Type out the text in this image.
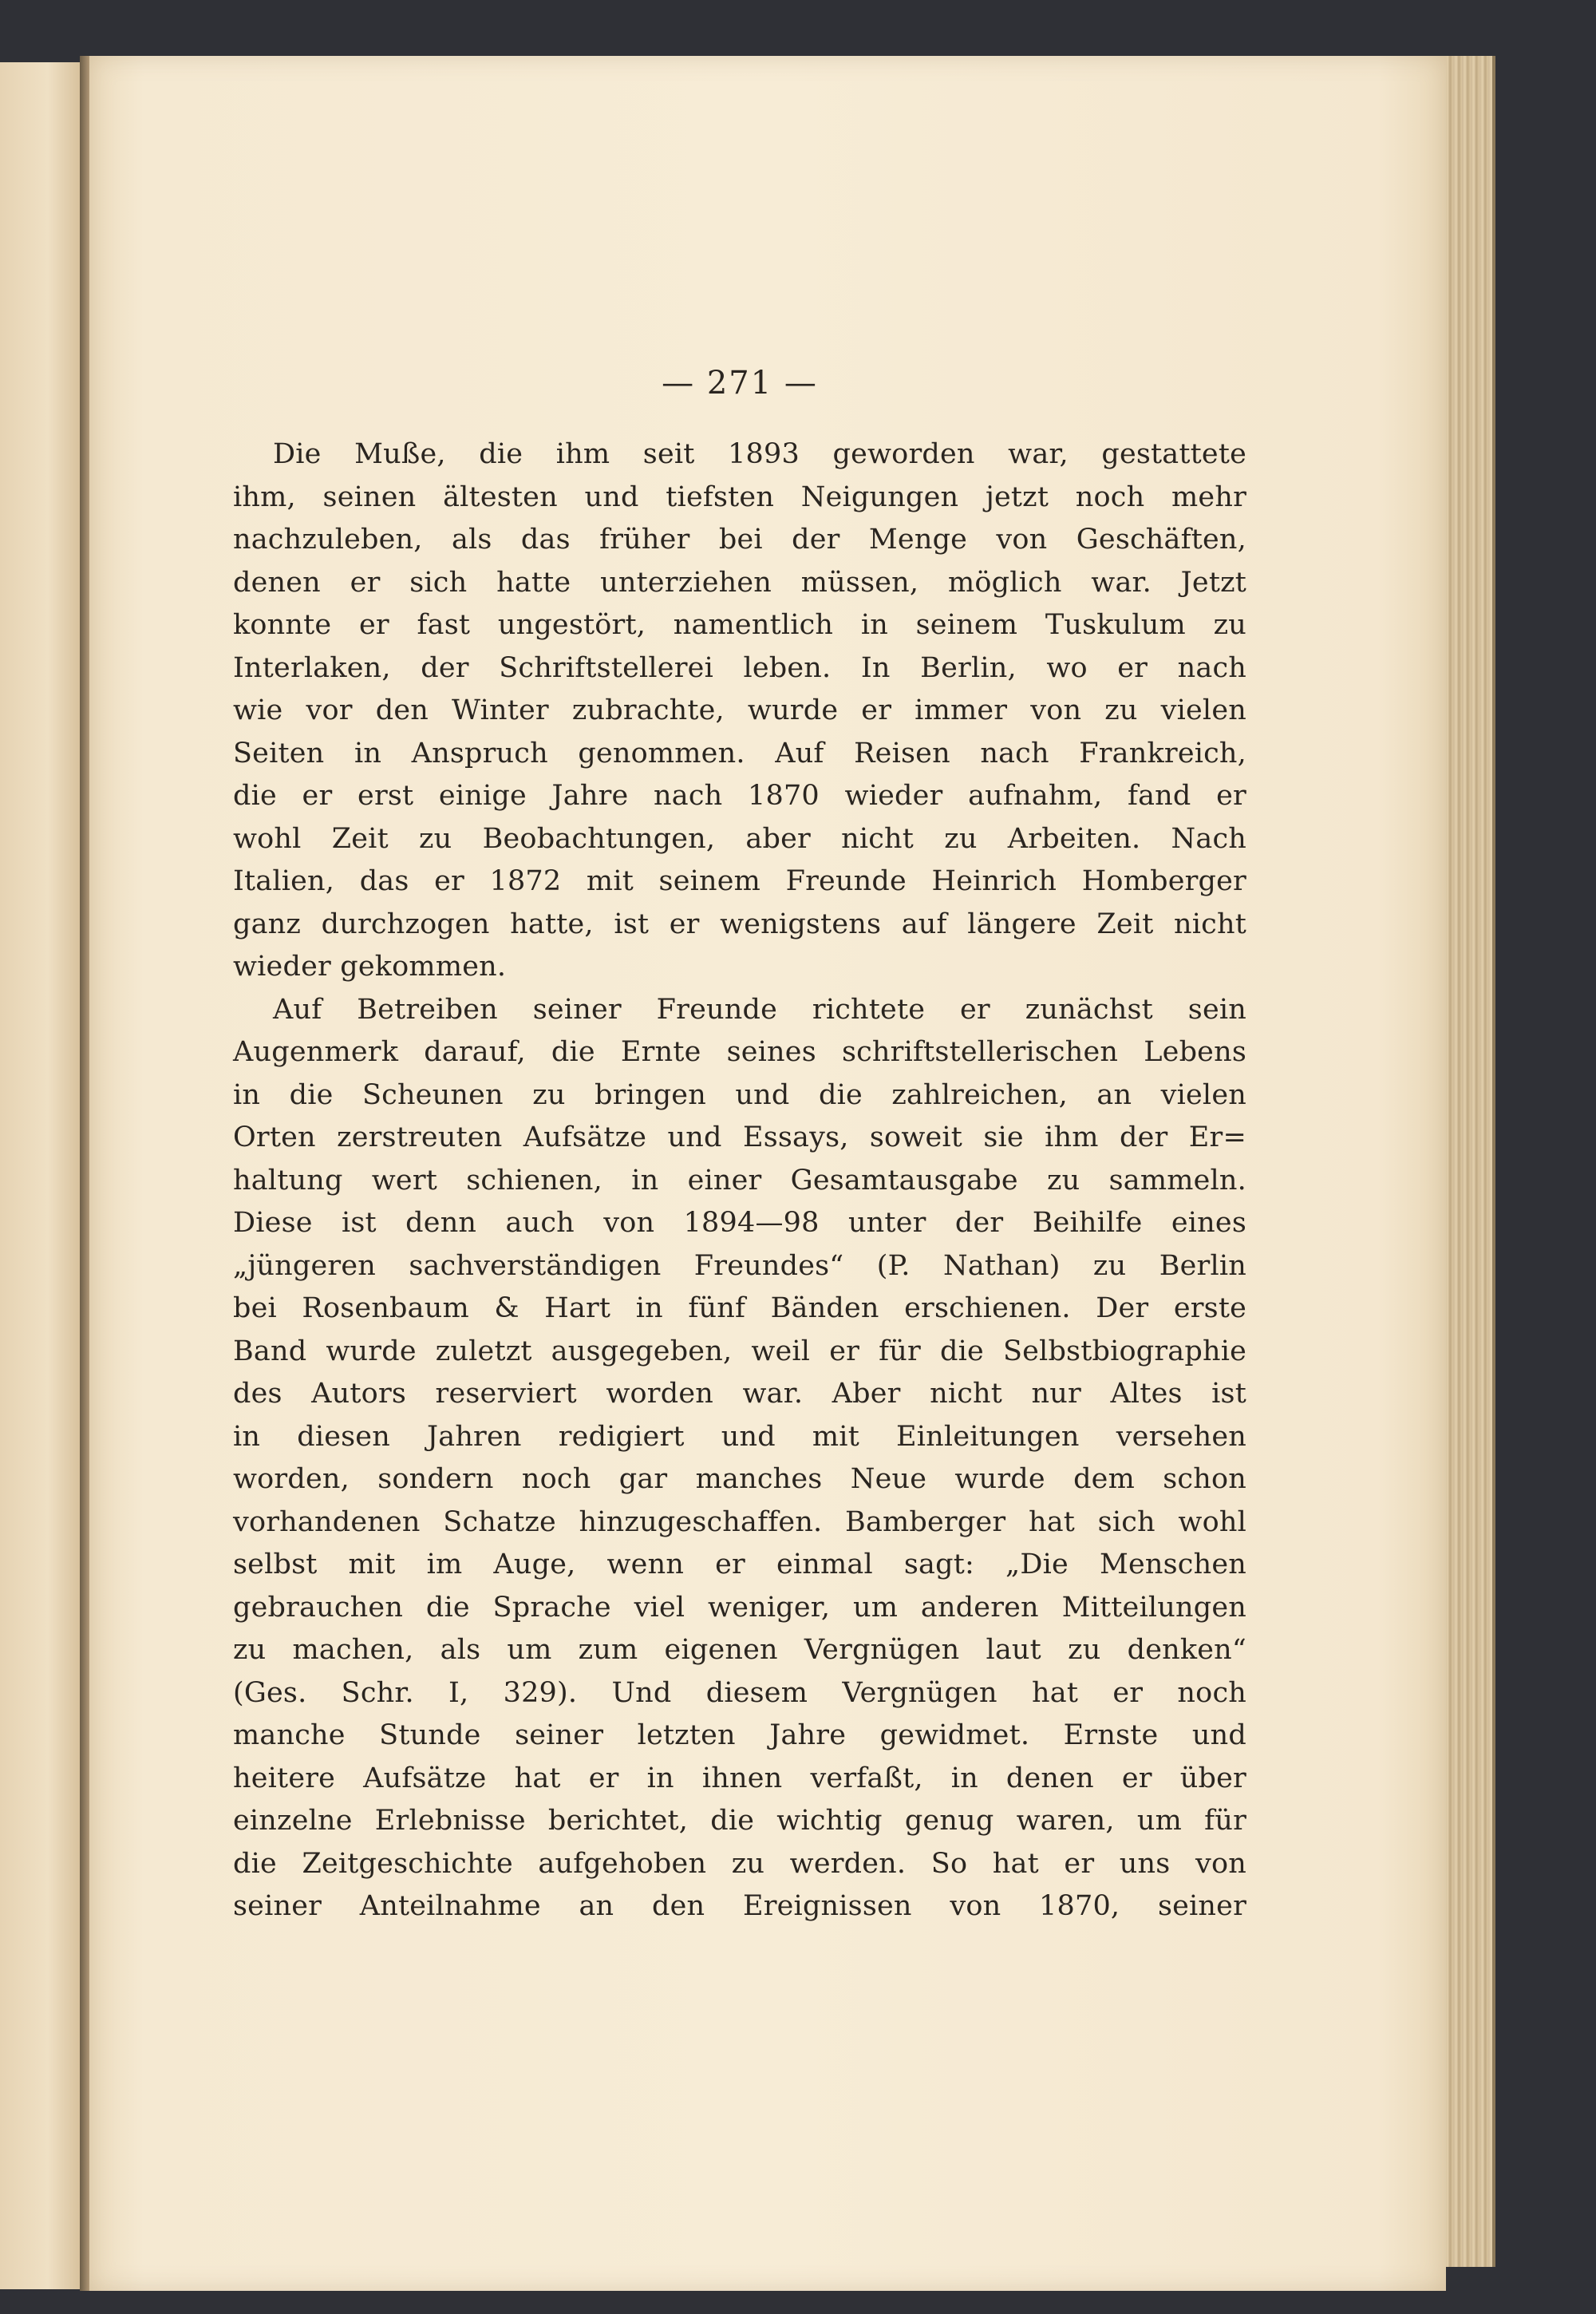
— 271 —
Die Muße, die ihm seit 1893 geworden war, gestattete
ihm, seinen ältesten und tiefsten Neigungen jetzt noch mehr
nachzuleben, als das früher bei der Menge von Geschäften,
denen er sich hatte unterziehen müssen, möglich war. Jetzt
konnte er fast ungestört, namentlich in seinem Tuskulum zu
Interlaken, der Schriftstellerei leben. In Berlin, wo er nach
wie vor den Winter zubrachte, wurde er immer von zu vielen
Seiten in Anspruch genommen. Auf Reisen nach Frankreich,
die er erst einige Jahre nach 1870 wieder aufnahm, fand er
wohl Zeit zu Beobachtungen, aber nicht zu Arbeiten. Nach
Italien, das er 1872 mit seinem Freunde Heinrich Homberger
ganz durchzogen hatte, ist er wenigstens auf längere Zeit nicht
wieder gekommen.
Auf Betreiben seiner Freunde richtete er zunächst sein
Augenmerk darauf, die Ernte seines schriftstellerischen Lebens
in die Scheunen zu bringen und die zahlreichen, an vielen
Orten zerstreuten Aufsätze und Essays, soweit sie ihm der Er=
haltung wert schienen, in einer Gesamtausgabe zu sammeln.
Diese ist denn auch von 1894—98 unter der Beihilfe eines
„jüngeren sachverständigen Freundes“ (P. Nathan) zu Berlin
bei Rosenbaum & Hart in fünf Bänden erschienen. Der erste
Band wurde zuletzt ausgegeben, weil er für die Selbstbiographie
des Autors reserviert worden war. Aber nicht nur Altes ist
in diesen Jahren redigiert und mit Einleitungen versehen
worden, sondern noch gar manches Neue wurde dem schon
vorhandenen Schatze hinzugeschaffen. Bamberger hat sich wohl
selbst mit im Auge, wenn er einmal sagt: „Die Menschen
gebrauchen die Sprache viel weniger, um anderen Mitteilungen
zu machen, als um zum eigenen Vergnügen laut zu denken“
(Ges. Schr. I, 329). Und diesem Vergnügen hat er noch
manche Stunde seiner letzten Jahre gewidmet. Ernste und
heitere Aufsätze hat er in ihnen verfaßt, in denen er über
einzelne Erlebnisse berichtet, die wichtig genug waren, um für
die Zeitgeschichte aufgehoben zu werden. So hat er uns von
seiner Anteilnahme an den Ereignissen von 1870, seiner
